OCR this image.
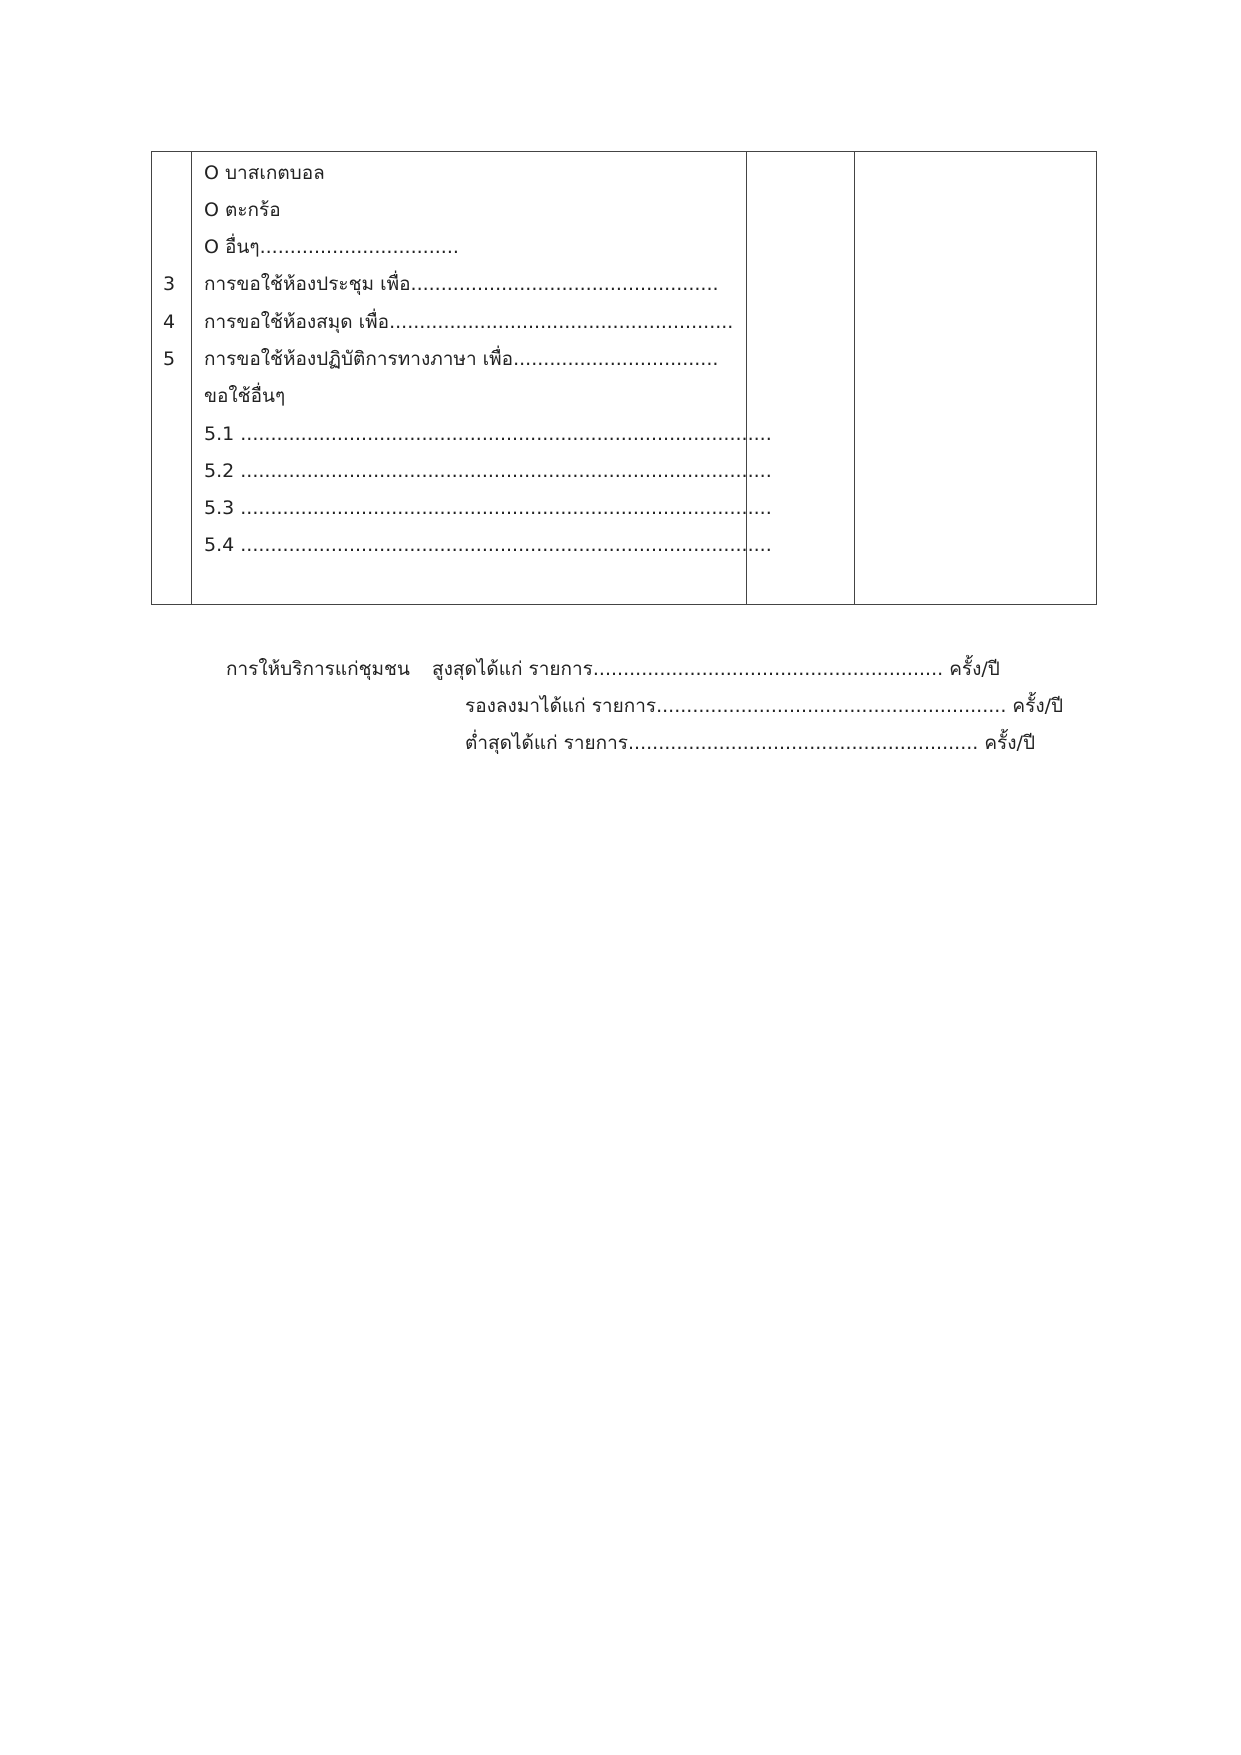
O บาสเกตบอล
O ตะกร้อ
O อื่นๆ.................................
3 การขอใช้ห้องประชุม เพื่อ...................................................
4 การขอใช้ห้องสมุด เพื่อ.........................................................
5 การขอใช้ห้องปฏิบัติการทางภาษา เพื่อ..................................
ขอใช้อื่นๆ
5.1 ........................................................................................
5.2 ........................................................................................
5.3 ........................................................................................
5.4 ........................................................................................
การให้บริการแก่ชุมชน สูงสุดได้แก่ รายการ.......................................................... ครั้ง/ปี
รองลงมาได้แก่ รายการ.......................................................... ครั้ง/ปี
ต่ำสุดได้แก่ รายการ.......................................................... ครั้ง/ปี
